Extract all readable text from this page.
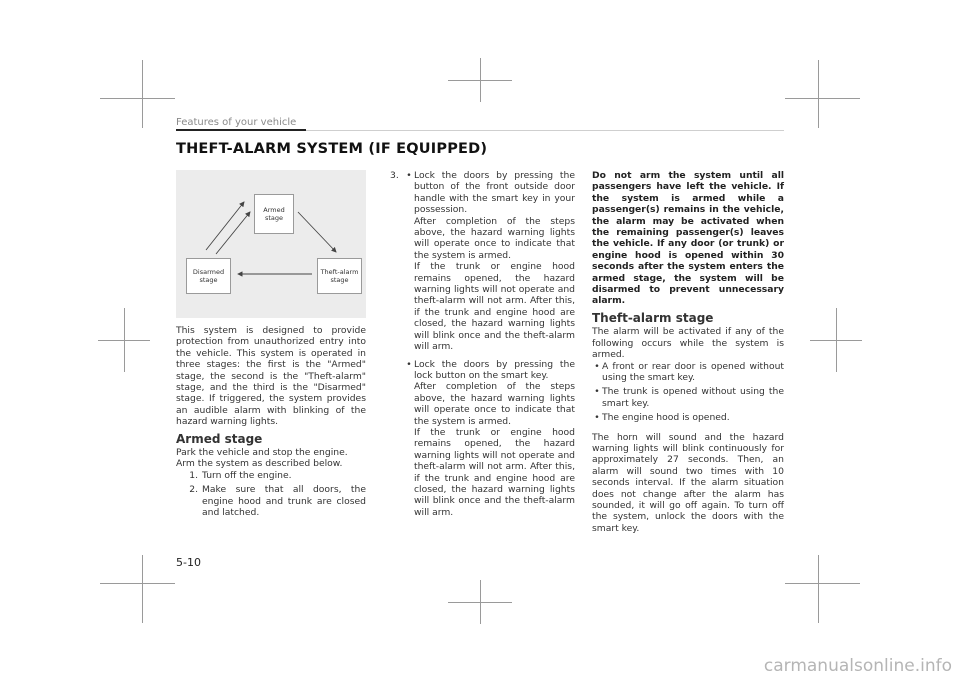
Features of your vehicle
THEFT-ALARM SYSTEM (IF EQUIPPED)
Armed stage
Disarmed stage
Theft-alarm stage

This system is designed to provide protection from unauthorized entry into the vehicle. This system is operated in three stages: the first is the "Armed" stage, the second is the "Theft-alarm" stage, and the third is the "Disarmed" stage. If triggered, the system provides an audible alarm with blinking of the hazard warning lights.

Armed stage

Park the vehicle and stop the engine. Arm the system as described below.

1. Turn off the engine.
2. Make sure that all doors, the engine hood and trunk are closed and latched.
3. • Lock the doors by pressing the button of the front outside door handle with the smart key in your possession.

After completion of the steps above, the hazard warning lights will operate once to indicate that the system is armed.

If the trunk or engine hood remains opened, the hazard warning lights will not operate and theft-alarm will not arm. After this, if the trunk and engine hood are closed, the hazard warning lights will blink once and the theft-alarm will arm.

• Lock the doors by pressing the lock button on the smart key.

After completion of the steps above, the hazard warning lights will operate once to indicate that the system is armed.

If the trunk or engine hood remains opened, the hazard warning lights will not operate and theft-alarm will not arm. After this, if the trunk and engine hood are closed, the hazard warning lights will blink once and the theft-alarm will arm.

Do not arm the system until all passengers have left the vehicle. If the system is armed while a passenger(s) remains in the vehicle, the alarm may be activated when the remaining passenger(s) leaves the vehicle. If any door (or trunk) or engine hood is opened within 30 seconds after the system enters the armed stage, the system will be disarmed to prevent unnecessary alarm.

Theft-alarm stage

The alarm will be activated if any of the following occurs while the system is armed.

• A front or rear door is opened without using the smart key.
• The trunk is opened without using the smart key.
• The engine hood is opened.

The horn will sound and the hazard warning lights will blink continuously for approximately 27 seconds. Then, an alarm will sound two times with 10 seconds interval. If the alarm situation does not change after the alarm has sounded, it will go off again. To turn off the system, unlock the doors with the smart key.

5-10
carmanualsonline.info
